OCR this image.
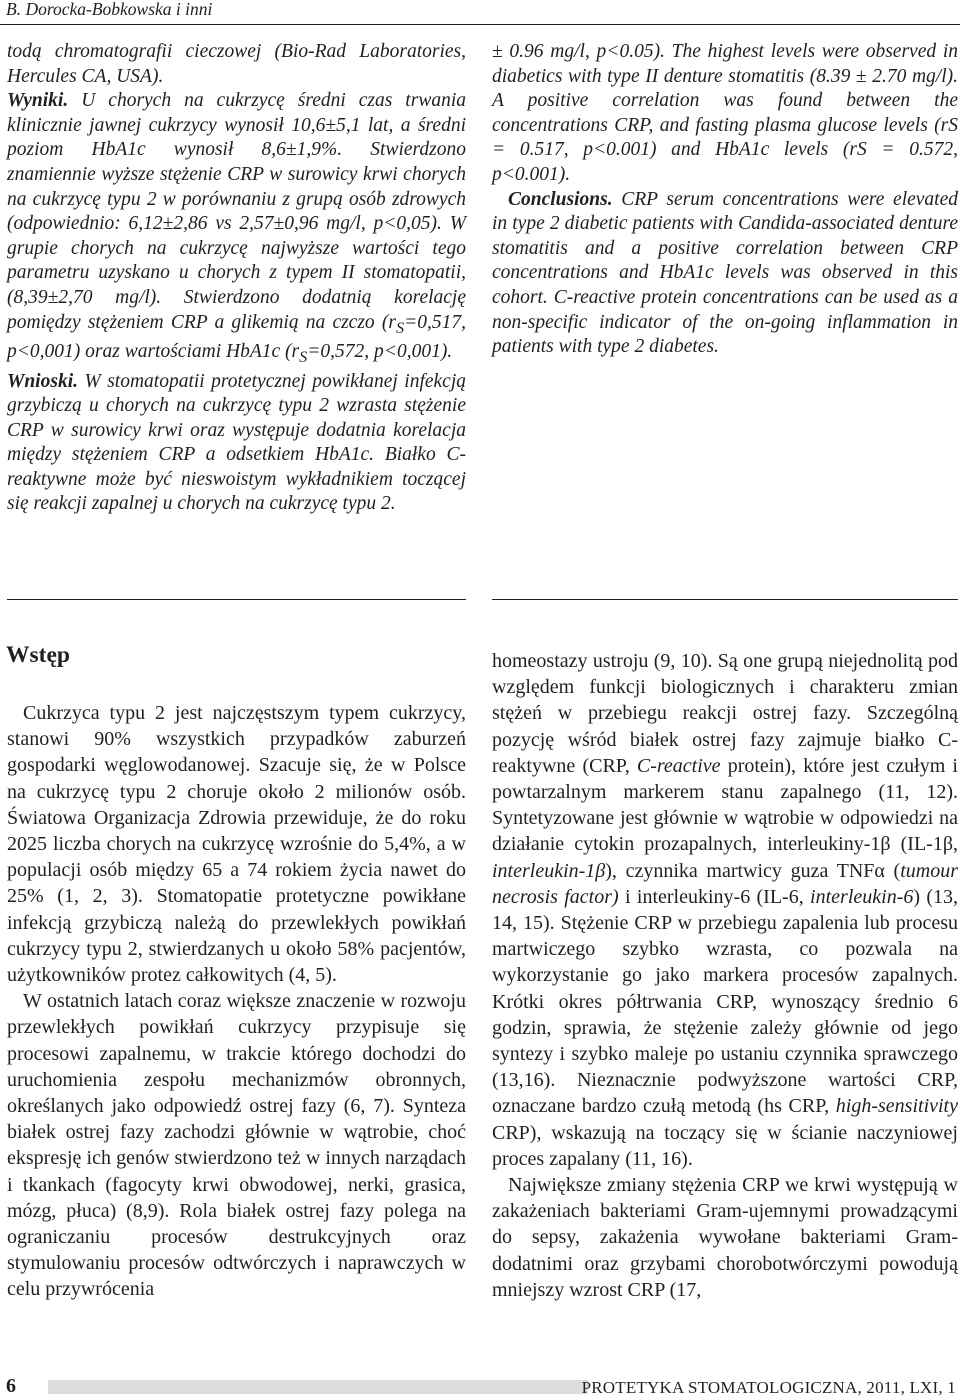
B. Dorocka-Bobkowska i inni

todą chromatografii cieczowej (Bio-Rad Laboratories, Hercules CA, USA).

Wyniki. U chorych na cukrzycę średni czas trwania klinicznie jawnej cukrzycy wynosił 10,6±5,1 lat, a średni poziom HbA1c wynosił 8,6±1,9%. Stwierdzono znamiennie wyższe stężenie CRP w surowicy krwi chorych na cukrzycę typu 2 w porównaniu z grupą osób zdrowych (odpowiednio: 6,12±2,86 vs 2,57±0,96 mg/l, p<0,05). W grupie chorych na cukrzycę najwyższe wartości tego parametru uzyskano u chorych z typem II stomatopatii, (8,39±2,70 mg/l). Stwierdzono dodatnią korelację pomiędzy stężeniem CRP a glikemią na czczo ($r_S=0,517$, p<0,001) oraz wartościami HbA1c ($r_S=0,572$, p<0,001).

Wnioski. W stomatopatii protetycznej powikłanej infekcją grzybiczą u chorych na cukrzycę typu 2 wzrasta stężenie CRP w surowicy krwi oraz występuje dodatnia korelacja między stężeniem CRP a odsetkiem HbA1c. Białko C-reaktywne może być nieswoistym wykładnikiem toczącej się reakcji zapalnej u chorych na cukrzycę typu 2.

± 0.96 mg/l, p<0.05). The highest levels were observed in diabetics with type II denture stomatitis (8.39 ± 2.70 mg/l). A positive correlation was found between the concentrations CRP, and fasting plasma glucose levels (rS = 0.517, p<0.001) and HbA1c levels (rS = 0.572, p<0.001).

Conclusions. CRP serum concentrations were elevated in type 2 diabetic patients with Candida-associated denture stomatitis and a positive correlation between CRP concentrations and HbA1c levels was observed in this cohort. C-reactive protein concentrations can be used as a non-specific indicator of the on-going inflammation in patients with type 2 diabetes.

Wstęp

Cukrzyca typu 2 jest najczęstszym typem cukrzycy, stanowi 90% wszystkich przypadków zaburzeń gospodarki węglowodanowej. Szacuje się, że w Polsce na cukrzycę typu 2 choruje około 2 milionów osób. Światowa Organizacja Zdrowia przewiduje, że do roku 2025 liczba chorych na cukrzycę wzrośnie do 5,4%, a w populacji osób między 65 a 74 rokiem życia nawet do 25% (1, 2, 3). Stomatopatie protetyczne powikłane infekcją grzybiczą należą do przewlekłych powikłań cukrzycy typu 2, stwierdzanych u około 58% pacjentów, użytkowników protez całkowitych (4, 5).

W ostatnich latach coraz większe znaczenie w rozwoju przewlekłych powikłań cukrzycy przypisuje się procesowi zapalnemu, w trakcie którego dochodzi do uruchomienia zespołu mechanizmów obronnych, określanych jako odpowiedź ostrej fazy (6, 7). Synteza białek ostrej fazy zachodzi głównie w wątrobie, choć ekspresję ich genów stwierdzono też w innych narządach i tkankach (fagocyty krwi obwodowej, nerki, grasica, mózg, płuca) (8,9). Rola białek ostrej fazy polega na ograniczaniu procesów destrukcyjnych oraz stymulowaniu procesów odtwórczych i naprawczych w celu przywrócenia

homeostazy ustroju (9, 10). Są one grupą niejednolitą pod względem funkcji biologicznych i charakteru zmian stężeń w przebiegu reakcji ostrej fazy. Szczególną pozycję wśród białek ostrej fazy zajmuje białko C-reaktywne (CRP, C-reactive protein), które jest czułym i powtarzalnym markerem stanu zapalnego (11, 12). Syntetyzowane jest głównie w wątrobie w odpowiedzi na działanie cytokin prozapalnych, interleukiny-1β (IL-1β, interleukin-1β), czynnika martwicy guza TNFα (tumour necrosis factor) i interleukiny-6 (IL-6, interleukin-6) (13, 14, 15). Stężenie CRP w przebiegu zapalenia lub procesu martwiczego szybko wzrasta, co pozwala na wykorzystanie go jako markera procesów zapalnych. Krótki okres półtrwania CRP, wynoszący średnio 6 godzin, sprawia, że stężenie zależy głównie od jego syntezy i szybko maleje po ustaniu czynnika sprawczego (13,16). Nieznacznie podwyższone wartości CRP, oznaczane bardzo czułą metodą (hs CRP, high-sensitivity CRP), wskazują na toczący się w ścianie naczyniowej proces zapalany (11, 16).

Największe zmiany stężenia CRP we krwi występują w zakażeniach bakteriami Gram-ujemnymi prowadzącymi do sepsy, zakażenia wywołane bakteriami Gram-dodatnimi oraz grzybami chorobotwórczymi powodują mniejszy wzrost CRP (17,

6	PROTETYKA STOMATOLOGICZNA, 2011, LXI, 1
